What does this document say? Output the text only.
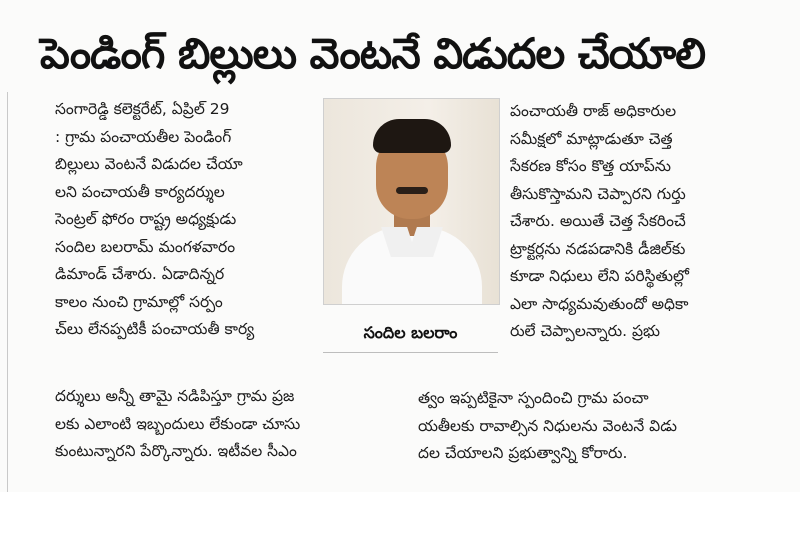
పెండింగ్ బిల్లులు వెంటనే విడుదల చేయాలి
సంగారెడ్డి కలెక్టరేట్, ఏప్రిల్ 29
: గ్రామ పంచాయతీల పెండింగ్
బిల్లులు వెంటనే విడుదల చేయా
లని పంచాయతీ కార్యదర్శుల
సెంట్రల్ ఫోరం రాష్ట్ర అధ్యక్షుడు
సందిల బలరామ్ మంగళవారం
డిమాండ్ చేశారు. ఏడాదిన్నర
కాలం నుంచి గ్రామాల్లో సర్పం
చ్‌లు లేనప్పటికీ పంచాయతీ కార్య
దర్శులు అన్నీ తామై నడిపిస్తూ గ్రామ ప్రజ
లకు ఎలాంటి ఇబ్బందులు లేకుండా చూసు
కుంటున్నారని పేర్కొన్నారు. ఇటీవల సీఎం
సందిల బలరాం
పంచాయతీ రాజ్ అధికారుల
సమీక్షలో మాట్లాడుతూ చెత్త
సేకరణ కోసం కొత్త యాప్‌ను
తీసుకొస్తామని చెప్పారని గుర్తు
చేశారు. అయితే చెత్త సేకరించే
ట్రాక్టర్లను నడపడానికి డీజిల్‌కు
కూడా నిధులు లేని పరిస్థితుల్లో
ఎలా సాధ్యమవుతుందో అధికా
రులే చెప్పాలన్నారు. ప్రభు
త్వం ఇప్పటికైనా స్పందించి గ్రామ పంచా
యతీలకు రావాల్సిన నిధులను వెంటనే విడు
దల చేయాలని ప్రభుత్వాన్ని కోరారు.
